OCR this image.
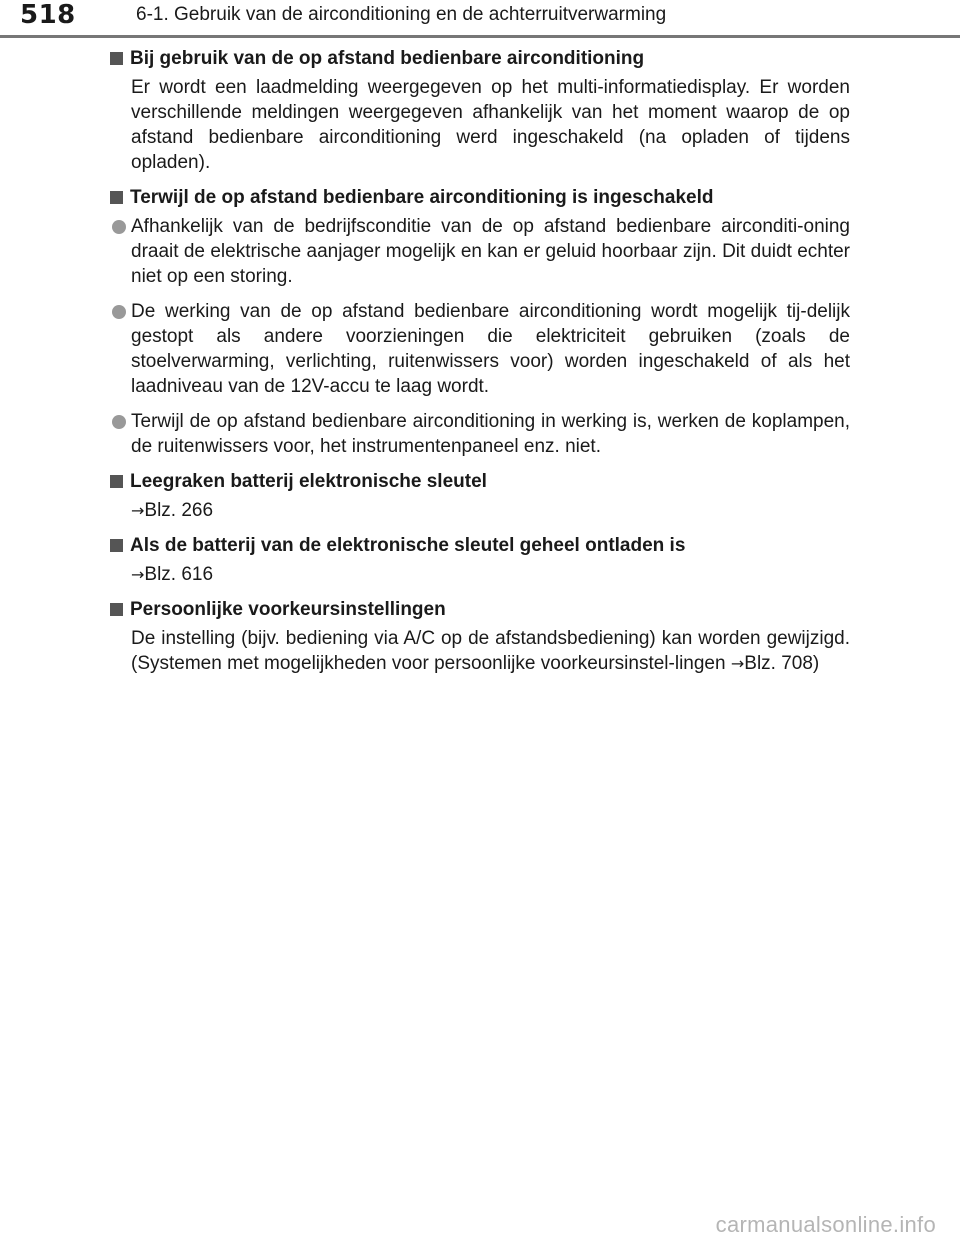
518	6-1. Gebruik van de airconditioning en de achterruitverwarming
Bij gebruik van de op afstand bedienbare airconditioning
Er wordt een laadmelding weergegeven op het multi-informatiedisplay. Er worden verschillende meldingen weergegeven afhankelijk van het moment waarop de op afstand bedienbare airconditioning werd ingeschakeld (na opladen of tijdens opladen).
Terwijl de op afstand bedienbare airconditioning is ingeschakeld
Afhankelijk van de bedrijfsconditie van de op afstand bedienbare airconditi-oning draait de elektrische aanjager mogelijk en kan er geluid hoorbaar zijn. Dit duidt echter niet op een storing.
De werking van de op afstand bedienbare airconditioning wordt mogelijk tij-delijk gestopt als andere voorzieningen die elektriciteit gebruiken (zoals de stoelverwarming, verlichting, ruitenwissers voor) worden ingeschakeld of als het laadniveau van de 12V-accu te laag wordt.
Terwijl de op afstand bedienbare airconditioning in werking is, werken de koplampen, de ruitenwissers voor, het instrumentenpaneel enz. niet.
Leegraken batterij elektronische sleutel
→Blz. 266
Als de batterij van de elektronische sleutel geheel ontladen is
→Blz. 616
Persoonlijke voorkeursinstellingen
De instelling (bijv. bediening via A/C op de afstandsbediening) kan worden gewijzigd. (Systemen met mogelijkheden voor persoonlijke voorkeursinstel-lingen →Blz. 708)
carmanualsonline.info
